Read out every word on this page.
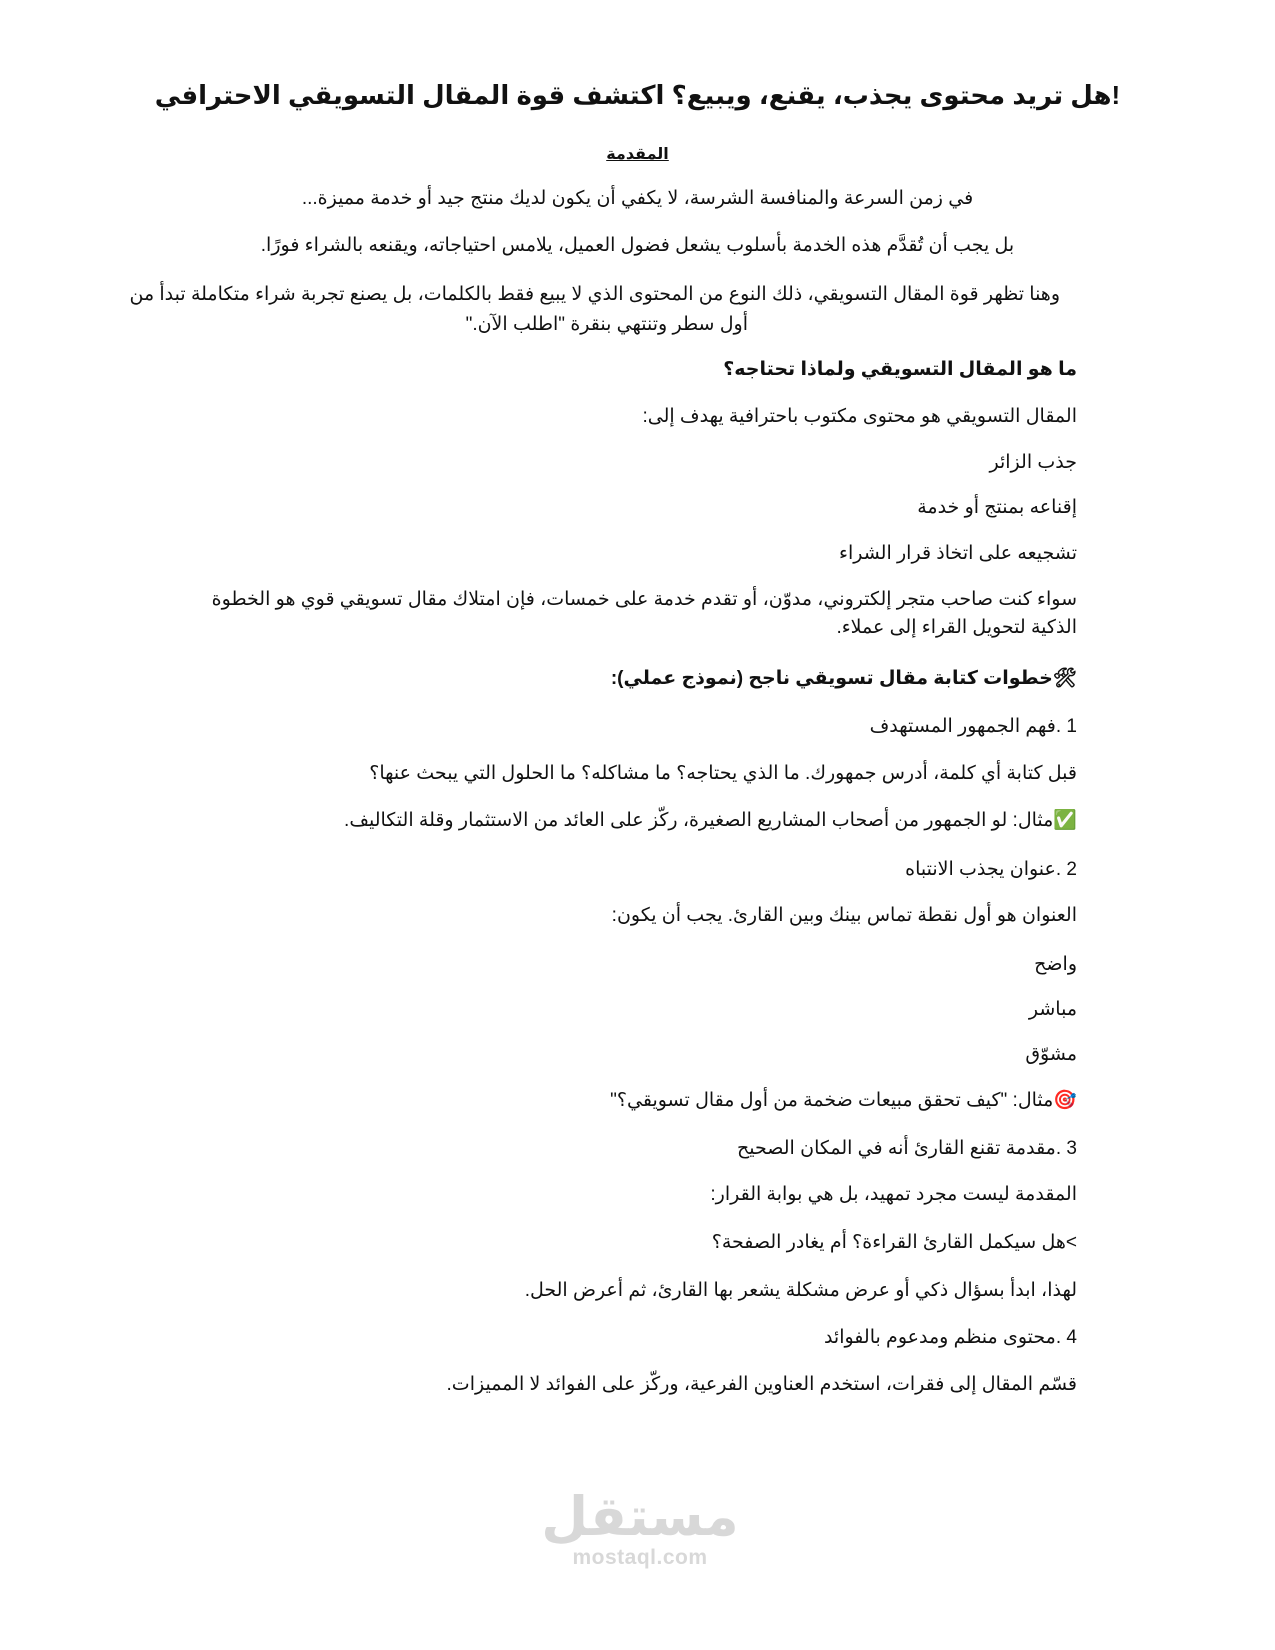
!هل تريد محتوى يجذب، يقنع، ويبيع؟ اكتشف قوة المقال التسويقي الاحترافي
المقدمة
في زمن السرعة والمنافسة الشرسة، لا يكفي أن يكون لديك منتج جيد أو خدمة مميزة...
بل يجب أن تُقدَّم هذه الخدمة بأسلوب يشعل فضول العميل، يلامس احتياجاته، ويقنعه بالشراء فورًا.
وهنا تظهر قوة المقال التسويقي، ذلك النوع من المحتوى الذي لا يبيع فقط بالكلمات، بل يصنع تجربة شراء متكاملة تبدأ من
أول سطر وتنتهي بنقرة "اطلب الآن."
ما هو المقال التسويقي ولماذا تحتاجه؟
المقال التسويقي هو محتوى مكتوب باحترافية يهدف إلى:
جذب الزائر
إقناعه بمنتج أو خدمة
تشجيعه على اتخاذ قرار الشراء

سواء كنت صاحب متجر إلكتروني، مدوّن، أو تقدم خدمة على خمسات، فإن امتلاك مقال تسويقي قوي هو الخطوة الذكية لتحويل القراء إلى عملاء.

🛠خطوات كتابة مقال تسويقي ناجح (نموذج عملي):
1 .فهم الجمهور المستهدف
قبل كتابة أي كلمة، أدرس جمهورك. ما الذي يحتاجه؟ ما مشاكله؟ ما الحلول التي يبحث عنها؟
✅مثال: لو الجمهور من أصحاب المشاريع الصغيرة، ركّز على العائد من الاستثمار وقلة التكاليف.
2 .عنوان يجذب الانتباه
العنوان هو أول نقطة تماس بينك وبين القارئ. يجب أن يكون:
واضح
مباشر
مشوّق
🎯مثال: "كيف تحقق مبيعات ضخمة من أول مقال تسويقي؟"
3 .مقدمة تقنع القارئ أنه في المكان الصحيح
المقدمة ليست مجرد تمهيد، بل هي بوابة القرار:
>هل سيكمل القارئ القراءة؟ أم يغادر الصفحة؟
لهذا، ابدأ بسؤال ذكي أو عرض مشكلة يشعر بها القارئ، ثم أعرض الحل.
4 .محتوى منظم ومدعوم بالفوائد
قسّم المقال إلى فقرات، استخدم العناوين الفرعية، وركّز على الفوائد لا المميزات.
مستقل
mostaql.com
